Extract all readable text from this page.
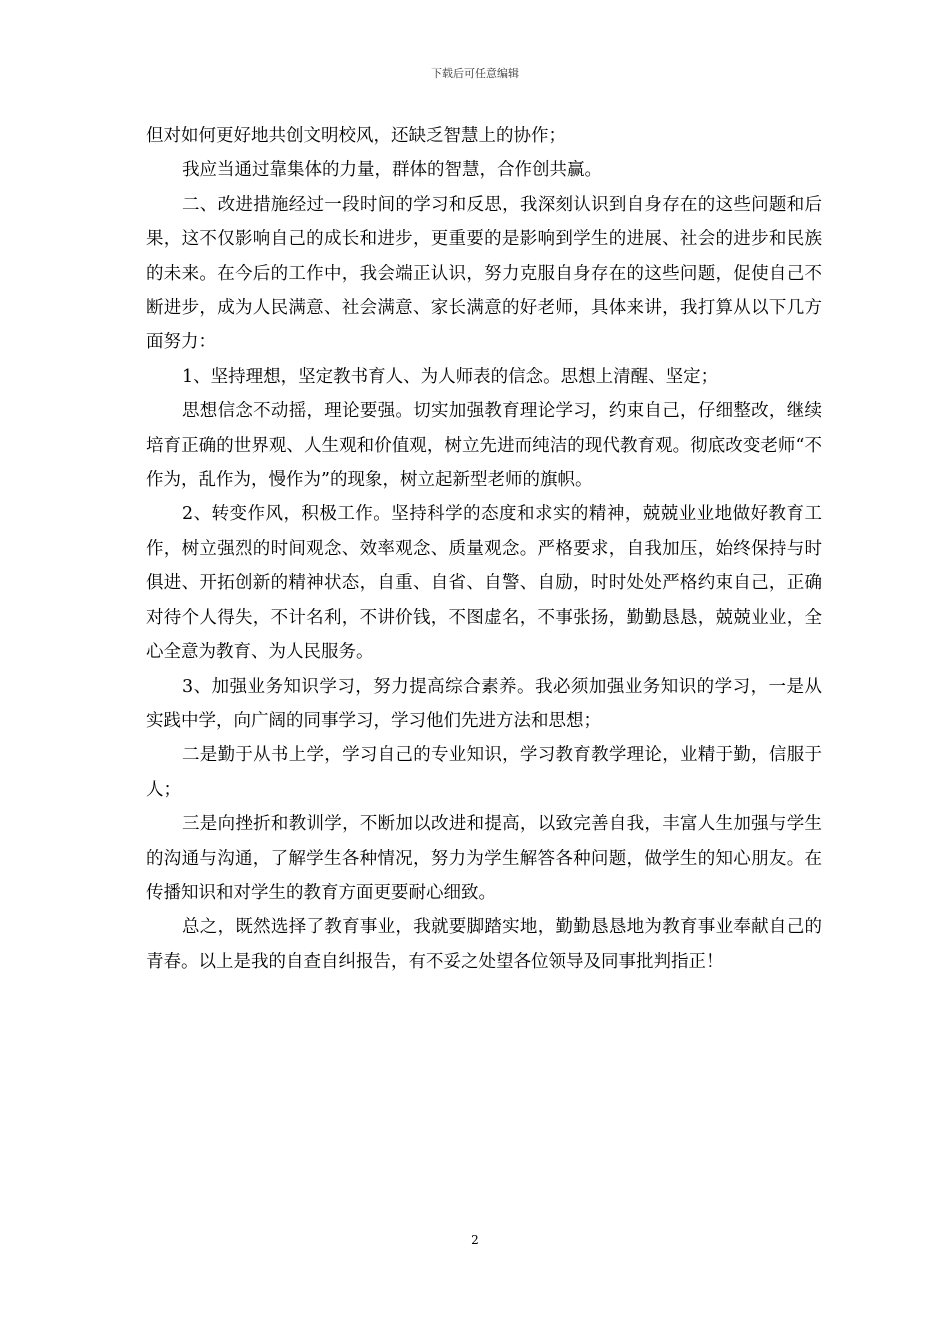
下载后可任意编辑

但对如何更好地共创文明校风，还缺乏智慧上的协作；

我应当通过靠集体的力量，群体的智慧，合作创共赢。

二、改进措施经过一段时间的学习和反思，我深刻认识到自身存在的这些问题和后果，这不仅影响自己的成长和进步，更重要的是影响到学生的进展、社会的进步和民族的未来。在今后的工作中，我会端正认识，努力克服自身存在的这些问题，促使自己不断进步，成为人民满意、社会满意、家长满意的好老师，具体来讲，我打算从以下几方面努力：

1、坚持理想，坚定教书育人、为人师表的信念。思想上清醒、坚定；

思想信念不动摇，理论要强。切实加强教育理论学习，约束自己，仔细整改，继续培育正确的世界观、人生观和价值观，树立先进而纯洁的现代教育观。彻底改变老师“不作为，乱作为，慢作为”的现象，树立起新型老师的旗帜。

2、转变作风，积极工作。坚持科学的态度和求实的精神，兢兢业业地做好教育工作，树立强烈的时间观念、效率观念、质量观念。严格要求，自我加压，始终保持与时俱进、开拓创新的精神状态，自重、自省、自警、自励，时时处处严格约束自己，正确对待个人得失，不计名利，不讲价钱，不图虚名，不事张扬，勤勤恳恳，兢兢业业，全心全意为教育、为人民服务。

3、加强业务知识学习，努力提高综合素养。我必须加强业务知识的学习，一是从实践中学，向广阔的同事学习，学习他们先进方法和思想；

二是勤于从书上学，学习自己的专业知识，学习教育教学理论，业精于勤，信服于人；

三是向挫折和教训学，不断加以改进和提高，以致完善自我，丰富人生加强与学生的沟通与沟通，了解学生各种情况，努力为学生解答各种问题，做学生的知心朋友。在传播知识和对学生的教育方面更要耐心细致。

总之，既然选择了教育事业，我就要脚踏实地，勤勤恳恳地为教育事业奉献自己的青春。以上是我的自查自纠报告，有不妥之处望各位领导及同事批判指正！

2
